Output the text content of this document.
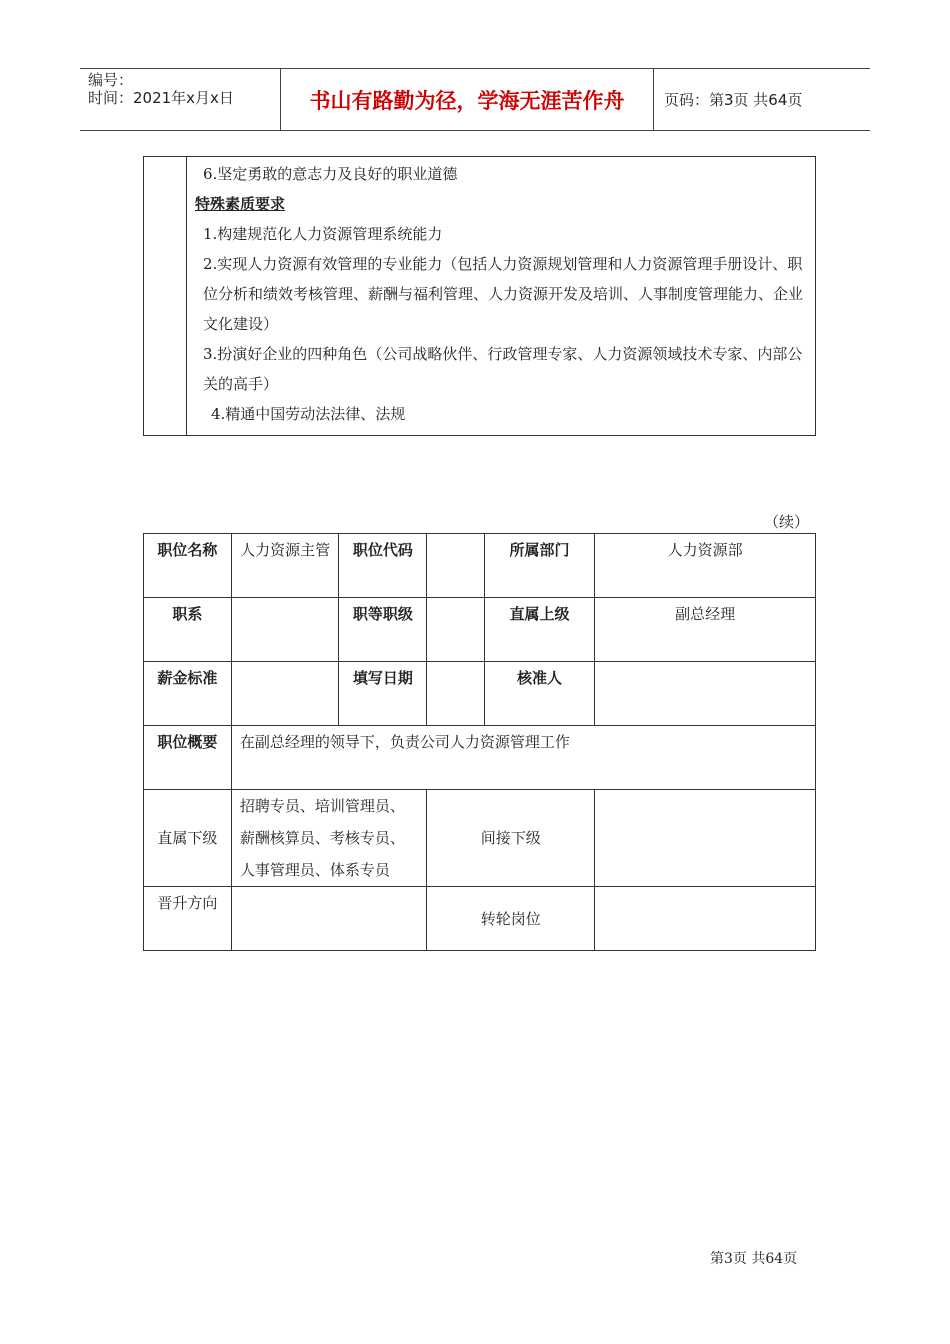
编号：
时间：2021年x月x日	书山有路勤为径，学海无涯苦作舟	页码：第3页 共64页

6.坚定勇敢的意志力及良好的职业道德
特殊素质要求
1.构建规范化人力资源管理系统能力
2.实现人力资源有效管理的专业能力（包括人力资源规划管理和人力资源管理手册设计、职位分析和绩效考核管理、薪酬与福利管理、人力资源开发及培训、人事制度管理能力、企业文化建设）
3.扮演好企业的四种角色（公司战略伙伴、行政管理专家、人力资源领域技术专家、内部公关的高手）
4.精通中国劳动法法律、法规
（续）
职位名称	人力资源主管	职位代码		所属部门	人力资源部
职系		职等职级		直属上级	副总经理
薪金标准		填写日期		核准人	
职位概要	在副总经理的领导下，负责公司人力资源管理工作				
直属下级	招聘专员、培训管理员、薪酬核算员、考核专员、人事管理员、体系专员		间接下级		
晋升方向			转轮岗位		
第3页 共64页
